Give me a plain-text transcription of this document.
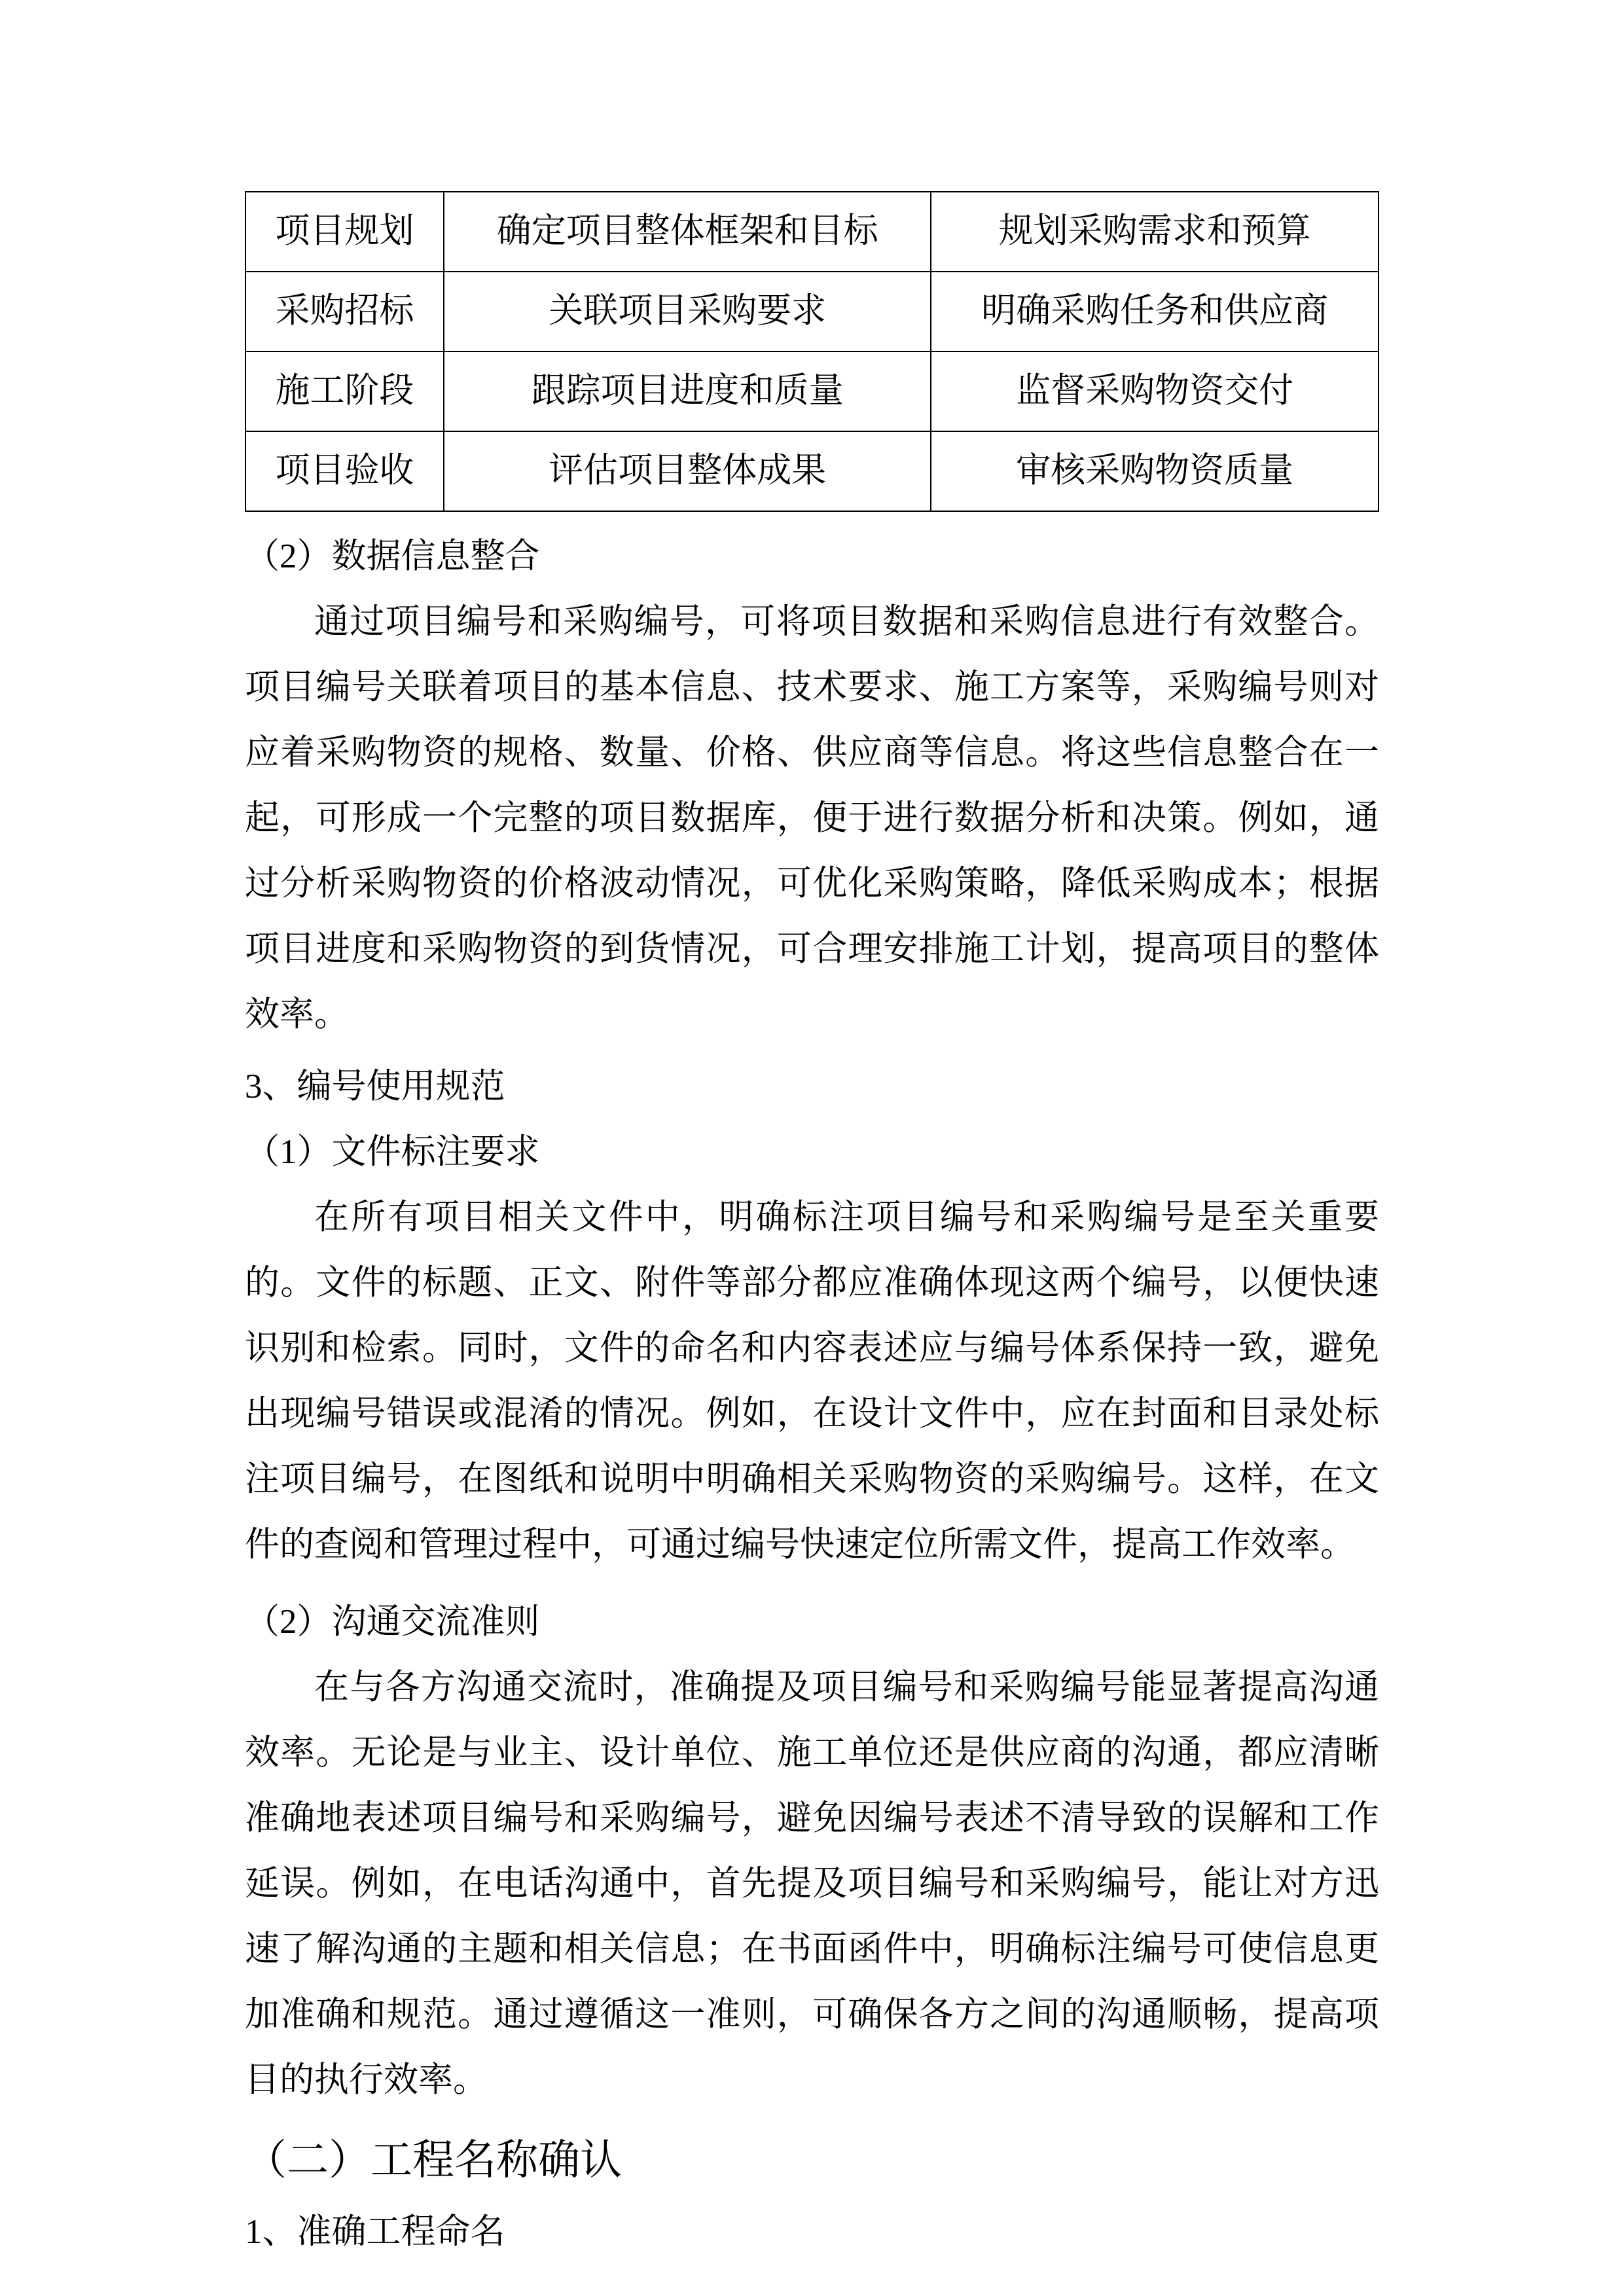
项目规划	确定项目整体框架和目标	规划采购需求和预算
采购招标	关联项目采购要求	明确采购任务和供应商
施工阶段	跟踪项目进度和质量	监督采购物资交付
项目验收	评估项目整体成果	审核采购物资质量
（2）数据信息整合
通过项目编号和采购编号，可将项目数据和采购信息进行有效整合。项目编号关联着项目的基本信息、技术要求、施工方案等，采购编号则对应着采购物资的规格、数量、价格、供应商等信息。将这些信息整合在一起，可形成一个完整的项目数据库，便于进行数据分析和决策。例如，通过分析采购物资的价格波动情况，可优化采购策略，降低采购成本；根据项目进度和采购物资的到货情况，可合理安排施工计划，提高项目的整体效率。
3、编号使用规范
（1）文件标注要求
在所有项目相关文件中，明确标注项目编号和采购编号是至关重要的。文件的标题、正文、附件等部分都应准确体现这两个编号，以便快速识别和检索。同时，文件的命名和内容表述应与编号体系保持一致，避免出现编号错误或混淆的情况。例如，在设计文件中，应在封面和目录处标注项目编号，在图纸和说明中明确相关采购物资的采购编号。这样，在文件的查阅和管理过程中，可通过编号快速定位所需文件，提高工作效率。
（2）沟通交流准则
在与各方沟通交流时，准确提及项目编号和采购编号能显著提高沟通效率。无论是与业主、设计单位、施工单位还是供应商的沟通，都应清晰准确地表述项目编号和采购编号，避免因编号表述不清导致的误解和工作延误。例如，在电话沟通中，首先提及项目编号和采购编号，能让对方迅速了解沟通的主题和相关信息；在书面函件中，明确标注编号可使信息更加准确和规范。通过遵循这一准则，可确保各方之间的沟通顺畅，提高项目的执行效率。
（二）工程名称确认
1、准确工程命名
